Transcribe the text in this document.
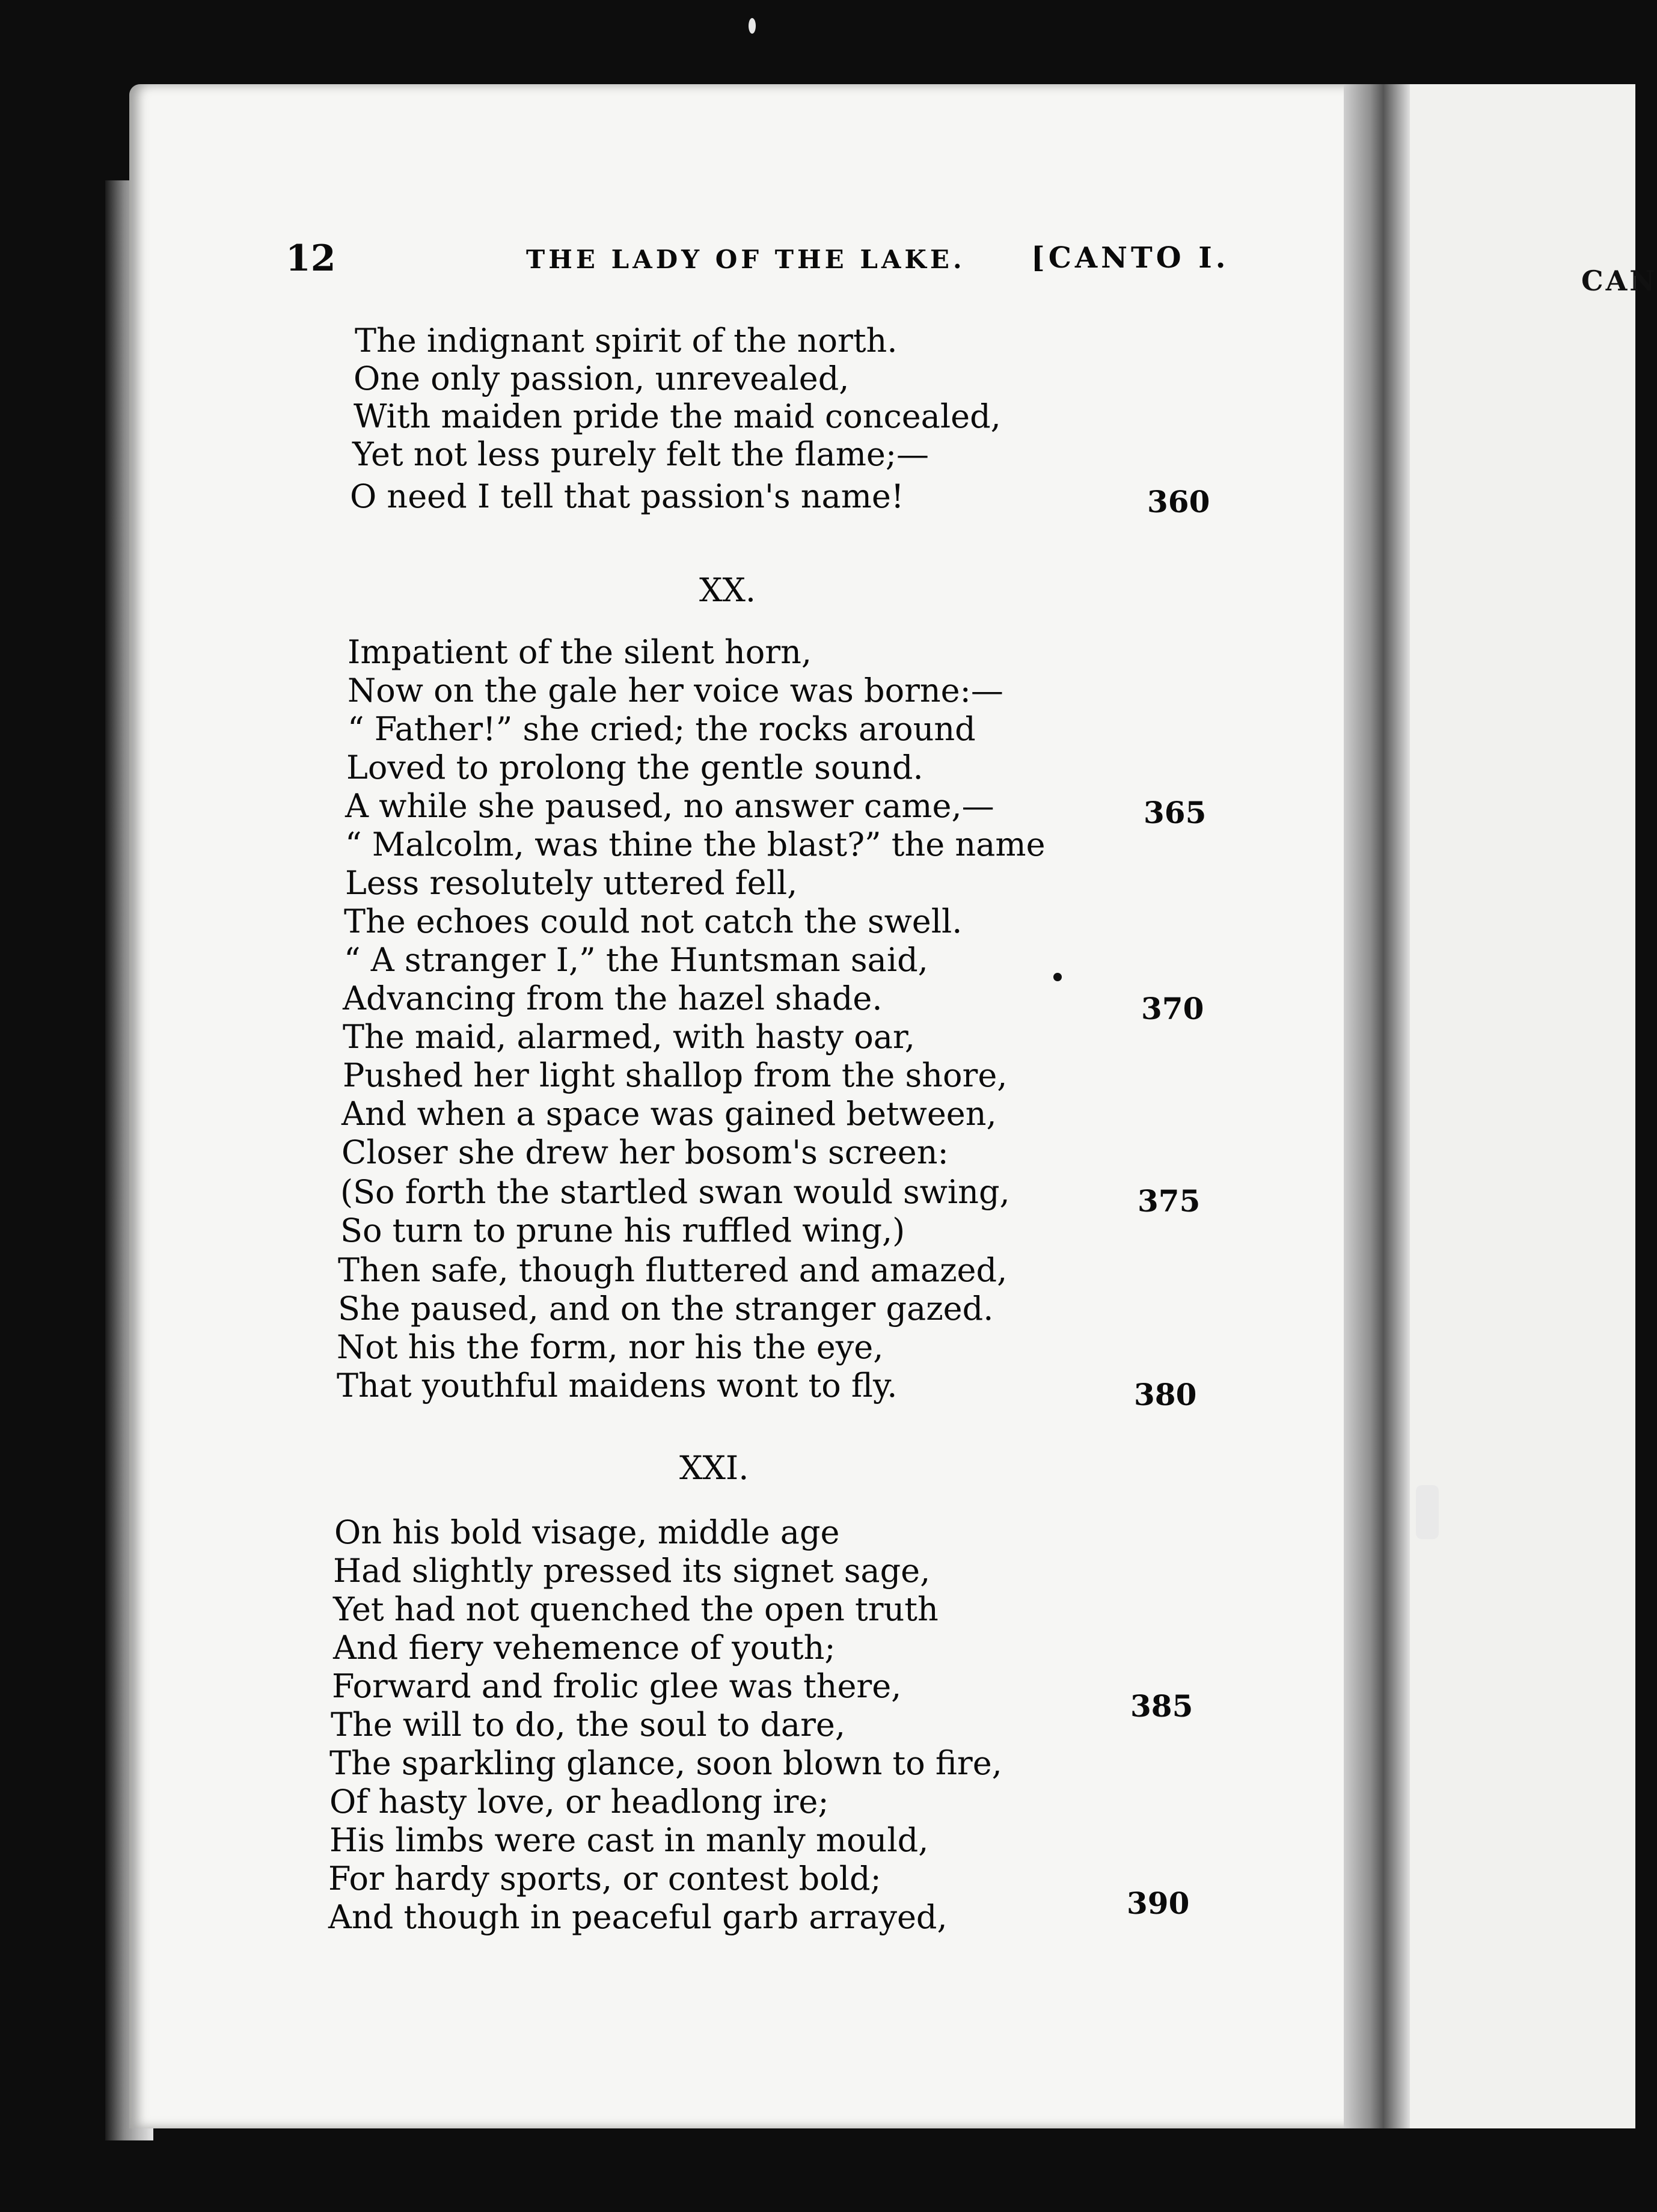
CAN
12	THE LADY OF THE LAKE. [CANTO I.
The indignant spirit of the north.
One only passion, unrevealed,
With maiden pride the maid concealed,
Yet not less purely felt the flame;—
O need I tell that passion's name!	360
XX.
Impatient of the silent horn,
Now on the gale her voice was borne:—
“ Father!” she cried; the rocks around
Loved to prolong the gentle sound.
A while she paused, no answer came,—	365
“ Malcolm, was thine the blast?” the name
Less resolutely uttered fell,
The echoes could not catch the swell.
“ A stranger I,” the Huntsman said,
Advancing from the hazel shade.	370
The maid, alarmed, with hasty oar,
Pushed her light shallop from the shore,
And when a space was gained between,
Closer she drew her bosom's screen:
(So forth the startled swan would swing,	375
So turn to prune his ruffled wing,)
Then safe, though fluttered and amazed,
She paused, and on the stranger gazed.
Not his the form, nor his the eye,
That youthful maidens wont to fly.	380
XXI.
On his bold visage, middle age
Had slightly pressed its signet sage,
Yet had not quenched the open truth
And fiery vehemence of youth;
Forward and frolic glee was there,
385
The will to do, the soul to dare,
The sparkling glance, soon blown to fire,
Of hasty love, or headlong ire;
His limbs were cast in manly mould,
For hardy sports, or contest bold;
And though in peaceful garb arrayed,	390
